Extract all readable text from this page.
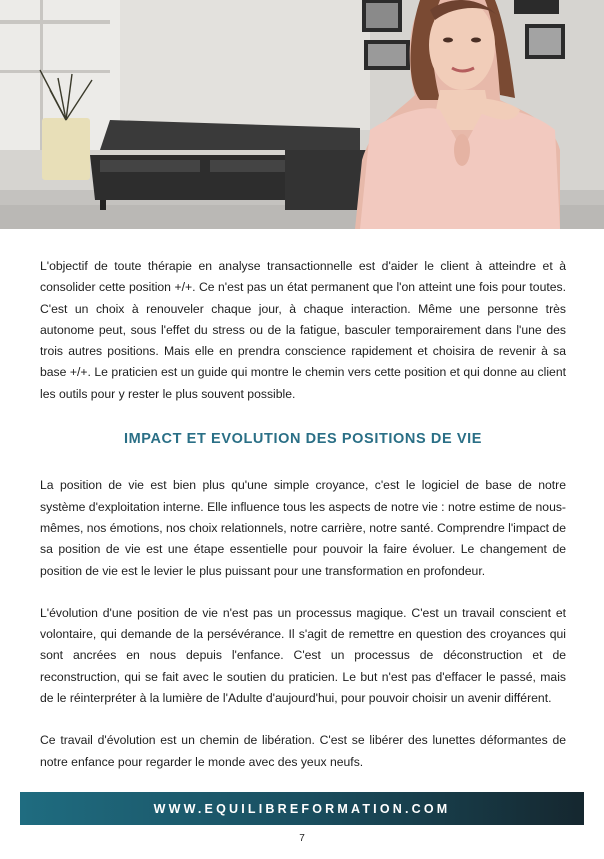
L'objectif de toute thérapie en analyse transactionnelle est d'aider le client à atteindre et à consolider cette position +/+. Ce n'est pas un état permanent que l'on atteint une fois pour toutes. C'est un choix à renouveler chaque jour, à chaque interaction. Même une personne très autonome peut, sous l'effet du stress ou de la fatigue, basculer temporairement dans l'une des trois autres positions. Mais elle en prendra conscience rapidement et choisira de revenir à sa base +/+. Le praticien est un guide qui montre le chemin vers cette position et qui donne au client les outils pour y rester le plus souvent possible.

IMPACT ET EVOLUTION DES POSITIONS DE VIE

La position de vie est bien plus qu'une simple croyance, c'est le logiciel de base de notre système d'exploitation interne. Elle influence tous les aspects de notre vie : notre estime de nous-mêmes, nos émotions, nos choix relationnels, notre carrière, notre santé. Comprendre l'impact de sa position de vie est une étape essentielle pour pouvoir la faire évoluer. Le changement de position de vie est le levier le plus puissant pour une transformation en profondeur.

L'évolution d'une position de vie n'est pas un processus magique. C'est un travail conscient et volontaire, qui demande de la persévérance. Il s'agit de remettre en question des croyances qui sont ancrées en nous depuis l'enfance. C'est un processus de déconstruction et de reconstruction, qui se fait avec le soutien du praticien. Le but n'est pas d'effacer le passé, mais de le réinterpréter à la lumière de l'Adulte d'aujourd'hui, pour pouvoir choisir un avenir différent.

Ce travail d'évolution est un chemin de libération. C'est se libérer des lunettes déformantes de notre enfance pour regarder le monde avec des yeux neufs.

WWW.EQUILIBREFORMATION.COM
7
